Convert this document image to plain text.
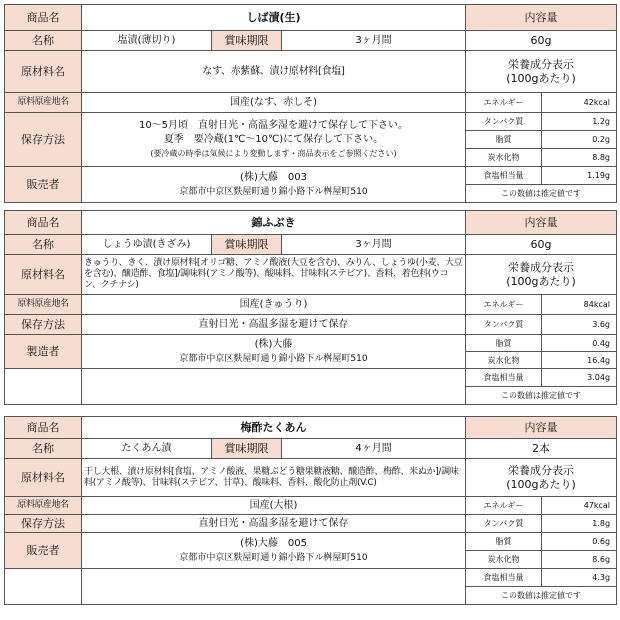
商品名	しば漬(生)			内容量	
名称	塩漬(薄切り)	賞味期限	3ヶ月間	60g	
原材料名	なす、赤紫蘇、漬け原材料[食塩]			栄養成分表示
(100gあたり)	

原料原産地名	国産(なす、赤しそ)			エネルギー	42kcal
保存方法	10〜5月頃　直射日光・高温多湿を避けて保存して下さい。
夏季　要冷蔵(1℃〜10℃)にて保存して下さい。
(要冷蔵の時季は気候により変動します・商品表示をご参照ください)			タンパク質	1.2g
				脂質	0.2g
				炭水化物	8.8g
販売者	(株)大藤　003
京都市中京区麩屋町通り錦小路下ル桝屋町510			食塩相当量	1.19g
				この数値は推定値です	
商品名	錦ふぶき			内容量	
名称	しょうゆ漬(きざみ)	賞味期限	3ヶ月間	60g	
原材料名	きゅうり、きく、漬け原材料[オリゴ糖、アミノ酸液(大豆を含む)、みりん、しょうゆ(小麦、大豆を含む)、醸造酢、食塩]/調味料(アミノ酸等)、酸味料、甘味料(ステビア)、香料、着色料(ウコン、クチナシ)			栄養成分表示
(100gあたり)	

原料原産地名	国産(きゅうり)			エネルギー	84kcal
保存方法	直射日光・高温多湿を避けて保存			タンパク質	3.6g
製造者	(株)大藤
京都市中京区麩屋町通り錦小路下ル桝屋町510			脂質	0.4g
				炭水化物	16.4g
				食塩相当量	3.04g
				この数値は推定値です	
商品名	梅酢たくあん			内容量	
名称	たくあん漬	賞味期限	4ヶ月間	2本	
原材料名	干し大根、漬け原材料[食塩、アミノ酸液、果糖ぶどう糖果糖液糖、醸造酢、梅酢、米ぬか]/調味料(アミノ酸等)、甘味料(ステビア、甘草)、酸味料、香料、酸化防止剤(V.C)			栄養成分表示
(100gあたり)	

原料原産地名	国産(大根)			エネルギー	47kcal
保存方法	直射日光・高温多湿を避けて保存			タンパク質	1.8g
販売者	(株)大藤　005
京都市中京区麩屋町通り錦小路下ル桝屋町510			脂質	0.6g
				炭水化物	8.6g
				食塩相当量	4.3g
				この数値は推定値です	
